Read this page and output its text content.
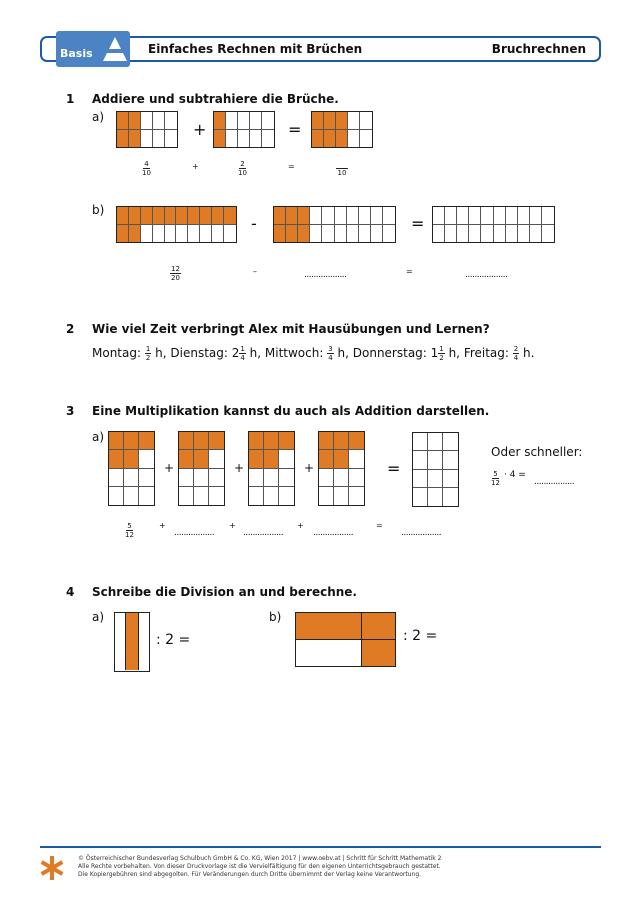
Basis	Einfaches Rechnen mit Brüchen	Bruchrechnen
1 Addiere und subtrahiere die Brüche.
a)
+	=
$\frac{4}{10}$	+	$\frac{2}{10}$	=
10
b)
-	=
$\frac{12}{20}$	–	..................	=	..................
2 Wie viel Zeit verbringt Alex mit Hausübungen und Lernen?
Montag: $\frac{1}{2} h$, Dienstag: $2 \frac{1}{4} h$, Mittwoch: $\frac{3}{4} h$, Donnerstag: $1 \frac{1}{2} h$, Freitag: $\frac{2}{4} h$.
3 Eine Multiplikation kannst du auch als Addition darstellen.
a)
+	+	+	=
Oder schneller:
$\frac{5}{12} \cdot 4$ =
.................
$\frac{5}{12}$	+
.................
+
.................
+
.................
=
.................
4 Schreibe die Division an und berechne.
a)
: 2 =
b)
: 2 =
© Österreichischer Bundesverlag Schulbuch GmbH & Co. KG, Wien 2017 | www.oebv.at | Schritt für Schritt Mathematik 2
Alle Rechte vorbehalten. Von dieser Druckvorlage ist die Vervielfältigung für den eigenen Unterrichtsgebrauch gestattet.
Die Kopiergebühren sind abgegolten. Für Veränderungen durch Dritte übernimmt der Verlag keine Verantwortung.
